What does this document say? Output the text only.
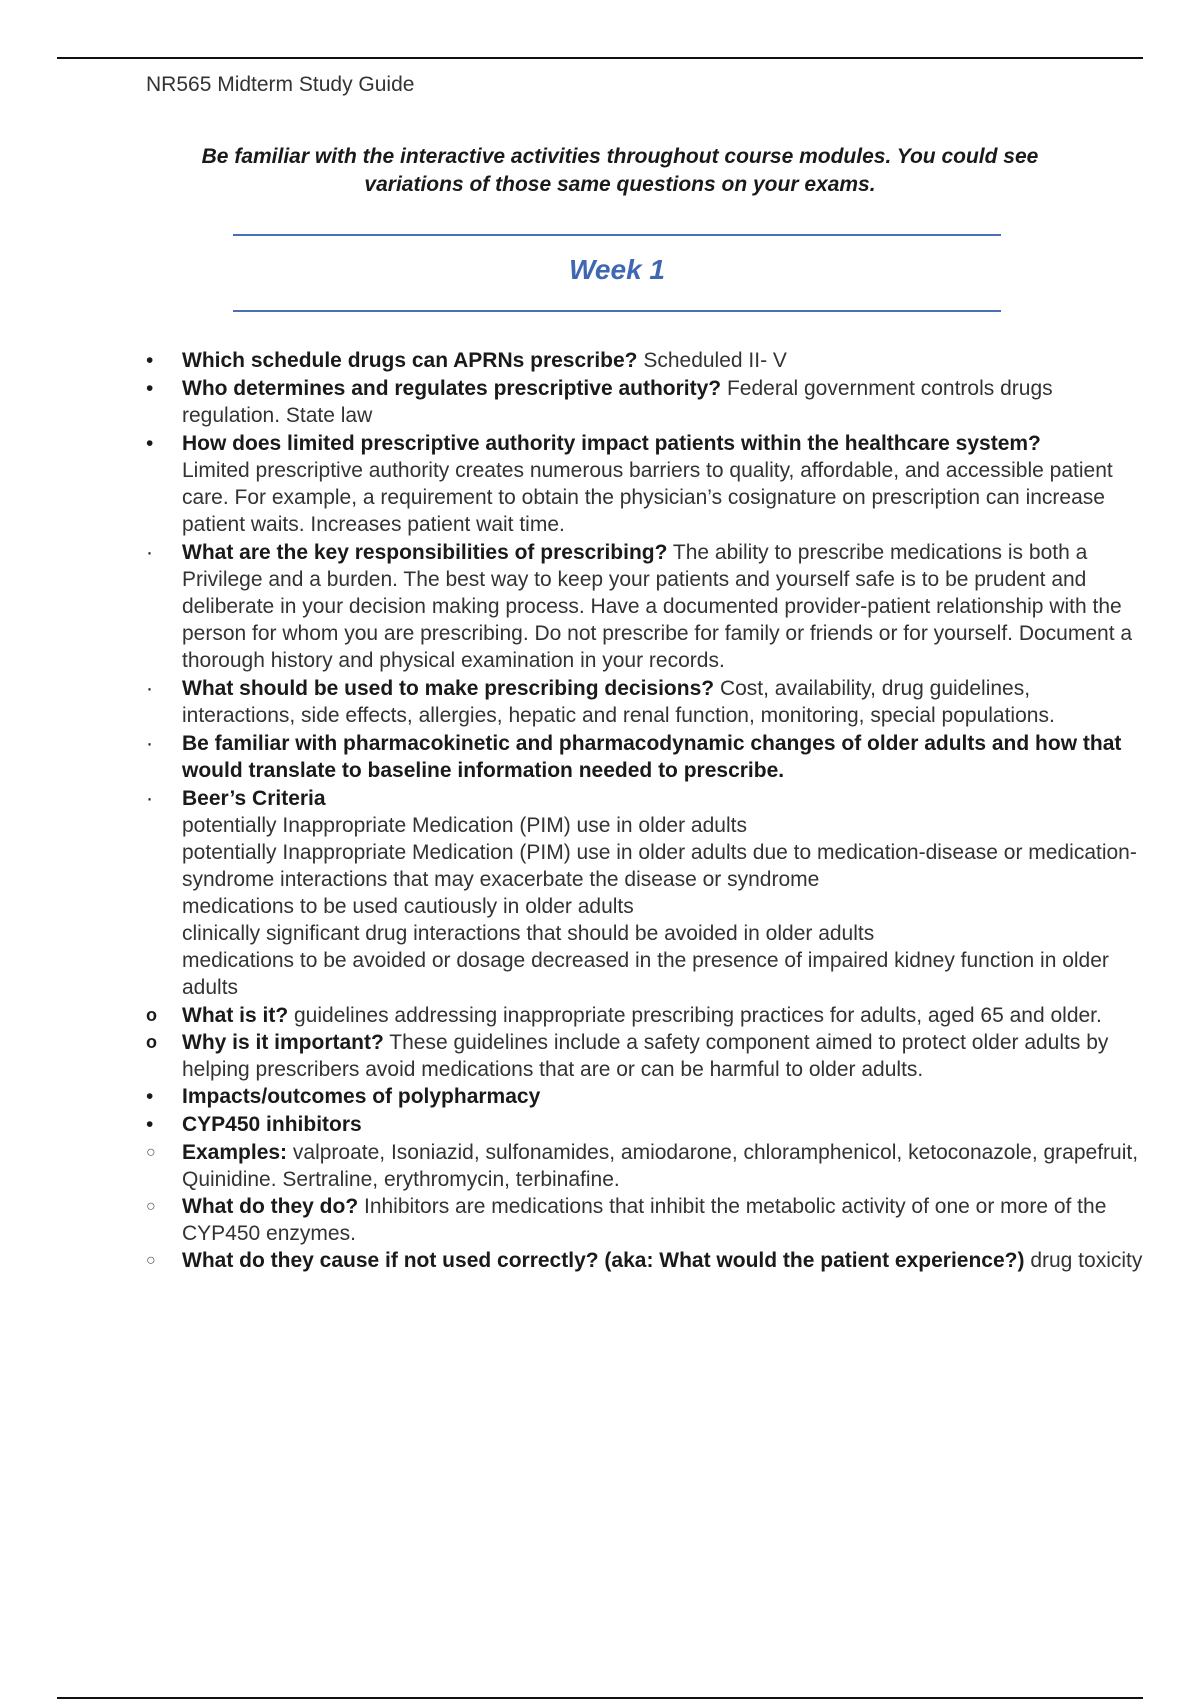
NR565 Midterm Study Guide
Be familiar with the interactive activities throughout course modules. You could see variations of those same questions on your exams.
Week 1
•	Which schedule drugs can APRNs prescribe? Scheduled II- V
•	Who determines and regulates prescriptive authority? Federal government controls drugs regulation. State law
•	How does limited prescriptive authority impact patients within the healthcare system?
Limited prescriptive authority creates numerous barriers to quality, affordable, and accessible patient care. For example, a requirement to obtain the physician’s cosignature on prescription can increase patient waits. Increases patient wait time.
·	What are the key responsibilities of prescribing? The ability to prescribe medications is both a Privilege and a burden. The best way to keep your patients and yourself safe is to be prudent and deliberate in your decision making process. Have a documented provider-patient relationship with the person for whom you are prescribing. Do not prescribe for family or friends or for yourself. Document a thorough history and physical examination in your records.
·	What should be used to make prescribing decisions? Cost, availability, drug guidelines, interactions, side effects, allergies, hepatic and renal function, monitoring, special populations.
·	Be familiar with pharmacokinetic and pharmacodynamic changes of older adults and how that would translate to baseline information needed to prescribe.
·	Beer’s Criteria
potentially Inappropriate Medication (PIM) use in older adults
potentially Inappropriate Medication (PIM) use in older adults due to medication-disease or medication-syndrome interactions that may exacerbate the disease or syndrome
medications to be used cautiously in older adults
clinically significant drug interactions that should be avoided in older adults
medications to be avoided or dosage decreased in the presence of impaired kidney function in older adults
o What is it? guidelines addressing inappropriate prescribing practices for adults, aged 65 and older.
o Why is it important? These guidelines include a safety component aimed to protect older adults by helping prescribers avoid medications that are or can be harmful to older adults.
•	Impacts/outcomes of polypharmacy
•	CYP450 inhibitors
○ Examples: valproate, Isoniazid, sulfonamides, amiodarone, chloramphenicol, ketoconazole, grapefruit, Quinidine. Sertraline, erythromycin, terbinafine.
○ What do they do? Inhibitors are medications that inhibit the metabolic activity of one or more of the CYP450 enzymes.
○ What do they cause if not used correctly? (aka: What would the patient experience?) drug toxicity
